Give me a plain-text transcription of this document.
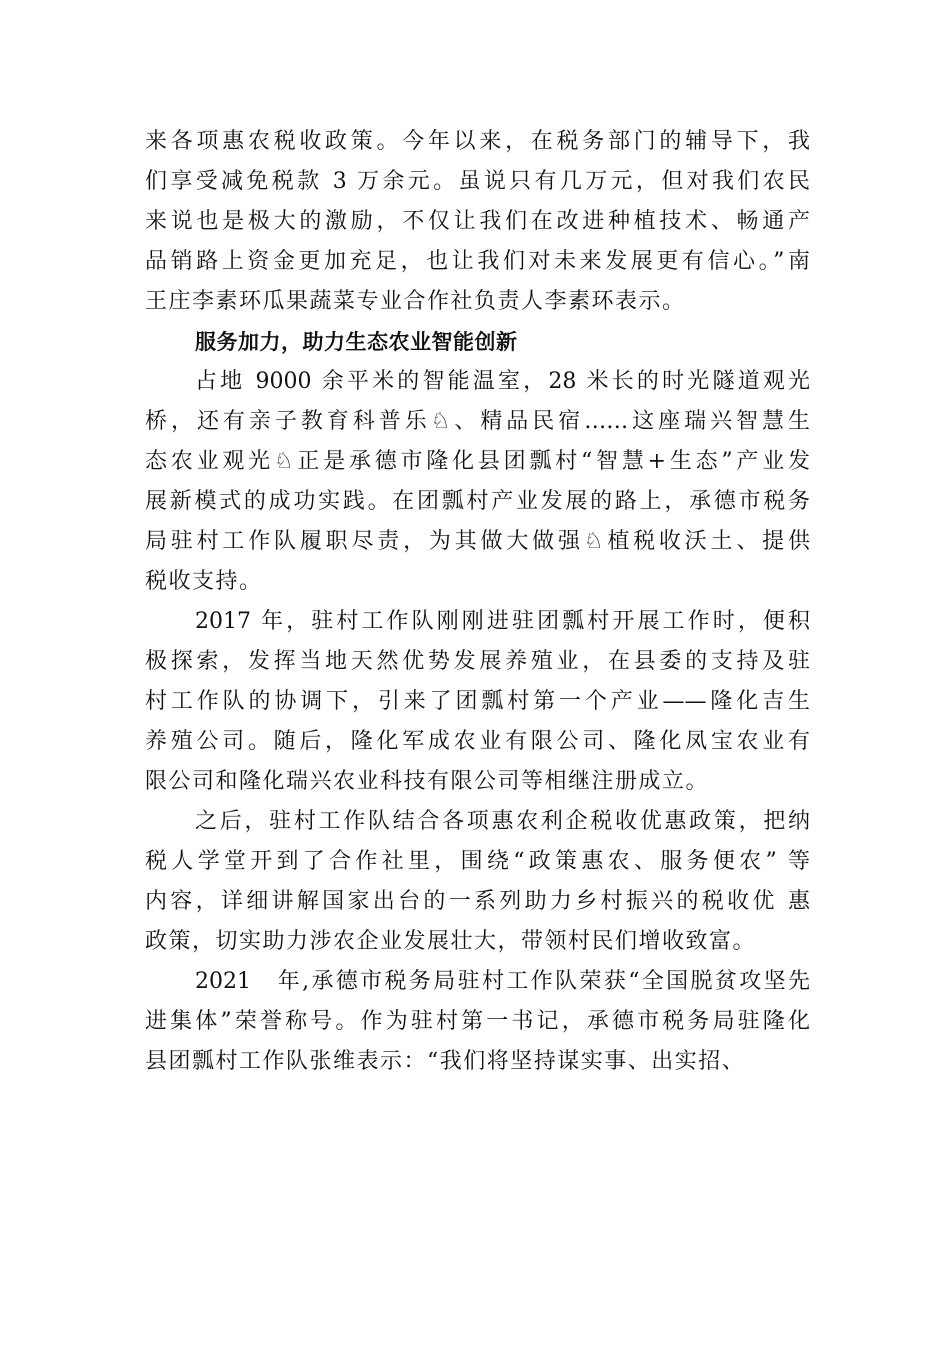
来各项惠农税收政策。今年以来，在税务部门的辅导下，我
们享受减免税款 3 万余元。虽说只有几万元，但对我们农民
来说也是极大的激励，不仅让我们在改进种植技术、畅通产
品销路上资金更加充足，也让我们对未来发展更有信心。”南
王庄李素环瓜果蔬菜专业合作社负责人李素环表示。
服务加力，助力生态农业智能创新
占地 9000 余平米的智能温室，28 米长的时光隧道观光
桥，还有亲子教育科普乐♘、精品民宿……这座瑞兴智慧生
态农业观光♘正是承德市隆化县团瓢村“智慧+生态”产业发
展新模式的成功实践。在团瓢村产业发展的路上，承德市税务
局驻村工作队履职尽责，为其做大做强♘植税收沃土、提供
税收支持。
2017 年，驻村工作队刚刚进驻团瓢村开展工作时，便积
极探索，发挥当地天然优势发展养殖业，在县委的支持及驻
村工作队的协调下，引来了团瓢村第一个产业——隆化吉生
养殖公司。随后，隆化军成农业有限公司、隆化凤宝农业有
限公司和隆化瑞兴农业科技有限公司等相继注册成立。
之后，驻村工作队结合各项惠农利企税收优惠政策，把纳
税人学堂开到了合作社里，围绕“政策惠农、服务便农” 等
内容，详细讲解国家出台的一系列助力乡村振兴的税收优 惠
政策，切实助力涉农企业发展壮大，带领村民们增收致富。
2021　年,承德市税务局驻村工作队荣获“全国脱贫攻坚先
进集体”荣誉称号。作为驻村第一书记，承德市税务局驻隆化
县团瓢村工作队张维表示：“我们将坚持谋实事、出实招、
